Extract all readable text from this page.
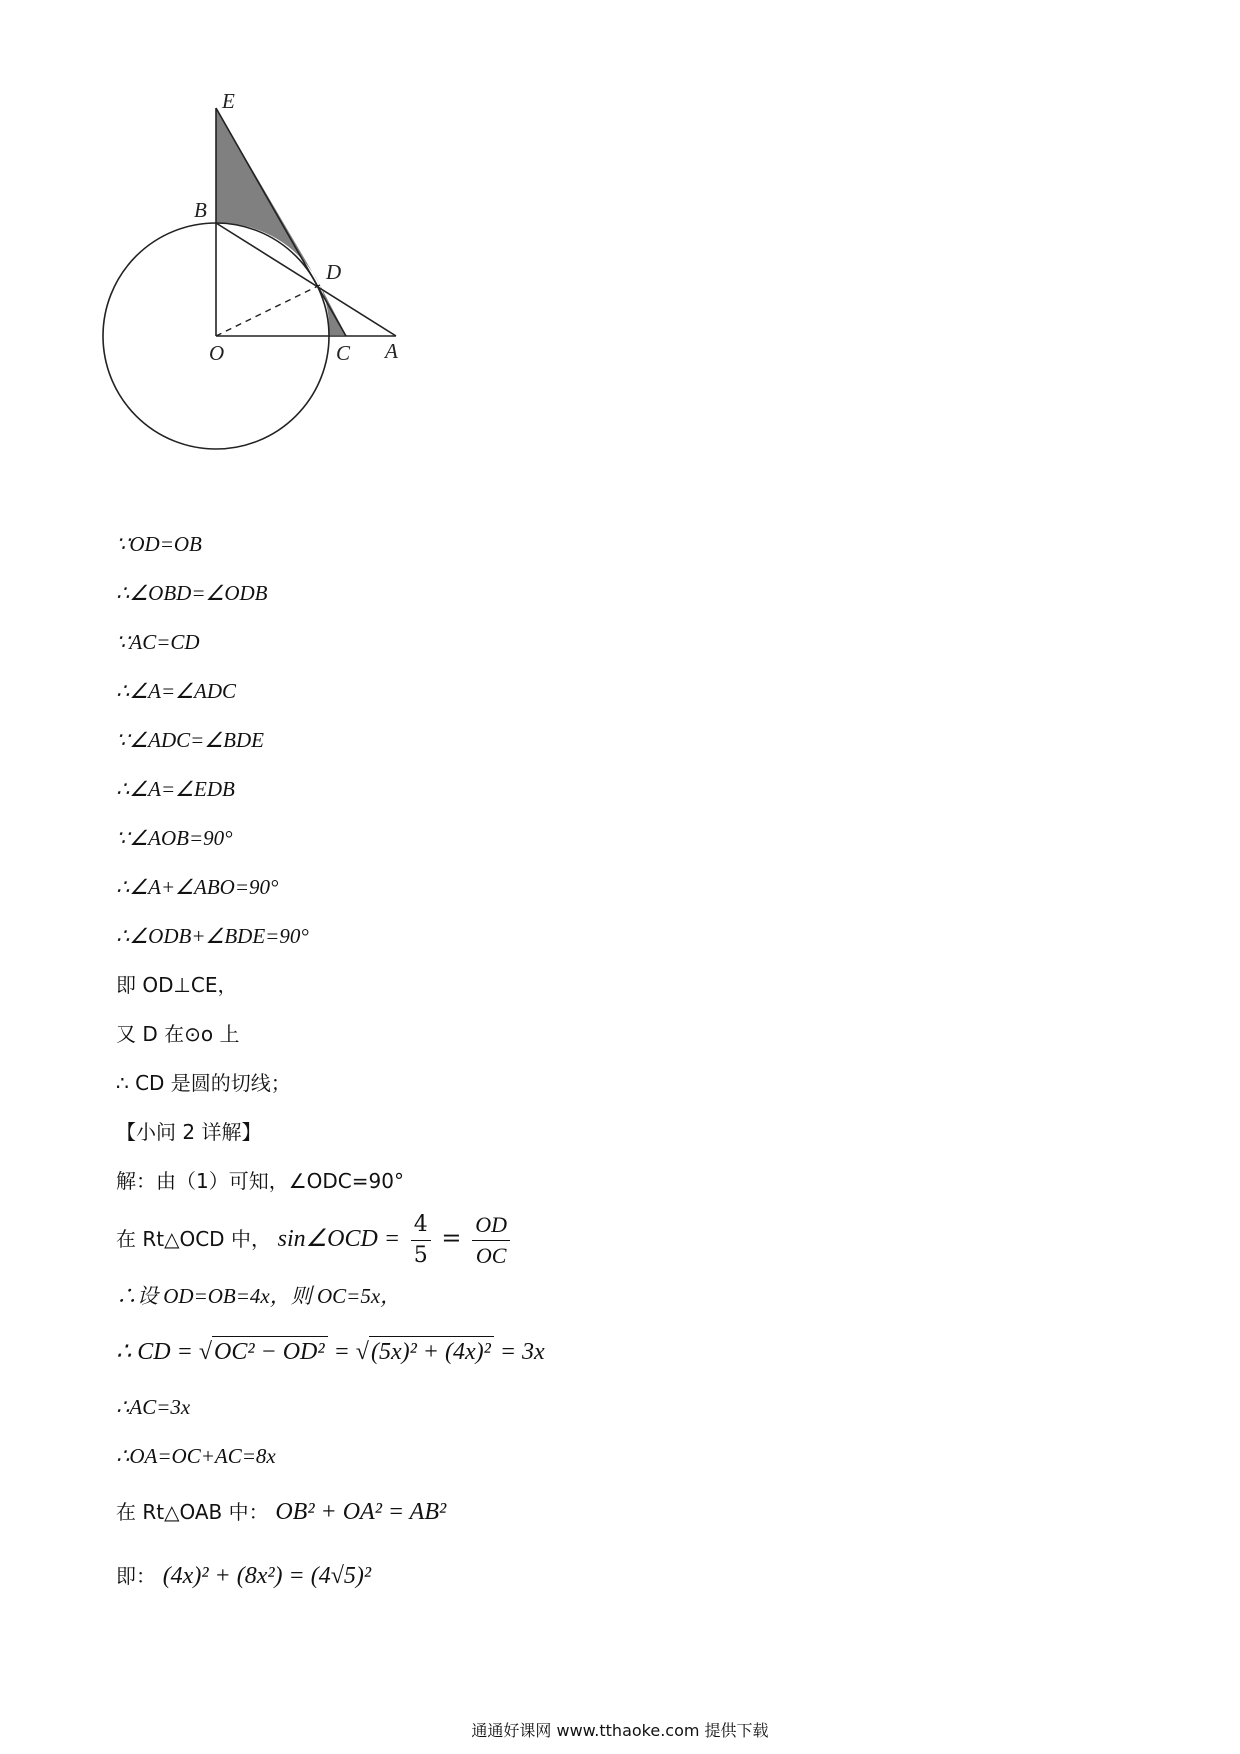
E
B
D
O	C A
∵OD=OB
∴∠OBD=∠ODB
∵AC=CD
∴∠A=∠ADC
∵∠ADC=∠BDE
∴∠A=∠EDB
∵∠AOB=90°
∴∠A+∠ABO=90°
∴∠ODB+∠BDE=90°
即 OD⊥CE，
又 D 在⊙o 上
∴ CD 是圆的切线；
【小问 2 详解】
解：由（1）可知，∠ODC=90°
在 Rt△OCD 中， sin∠OCD = $\frac{4}{5} = \frac{OD}{OC}$
∴设 OD=OB=4x，则 OC=5x，
∴ CD = √OC² − OD² = √(5x)² + (4x)² = 3x
∴AC=3x
∴OA=OC+AC=8x
在 Rt△OAB 中： OB² + OA² = AB²
即： (4x)² + (8x²) = (4√5)²
通通好课网 www.tthaoke.com 提供下载
